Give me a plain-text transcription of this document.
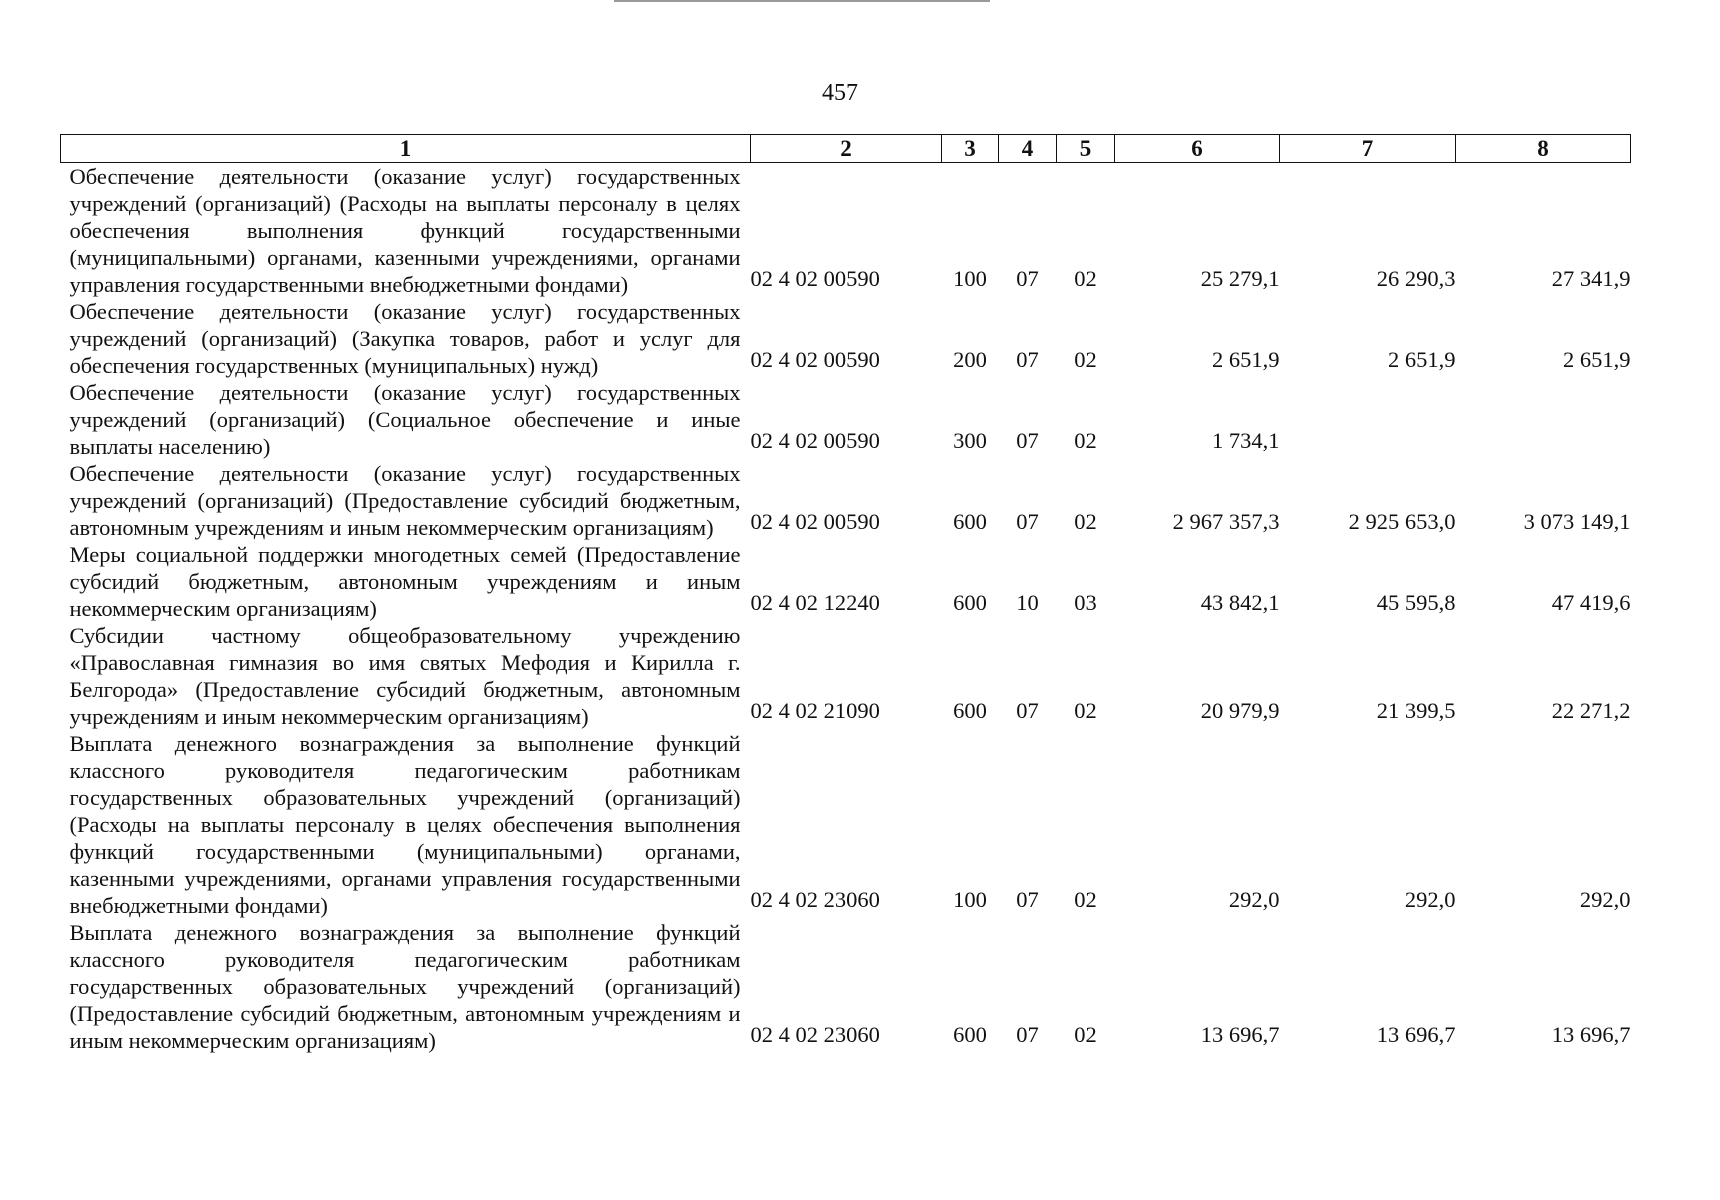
457
1	2	3	4	5	6	7	8
Обеспечение деятельности (оказание услуг) государственных учреждений (организаций) (Расходы на выплаты персоналу в целях обеспечения выполнения функций государственными (муниципальными) органами, казенными учреждениями, органами управления государственными внебюджетными фондами)	02 4 02 00590	100	07	02	25 279,1	26 290,3	27 341,9
Обеспечение деятельности (оказание услуг) государственных учреждений (организаций) (Закупка товаров, работ и услуг для обеспечения государственных (муниципальных) нужд)	02 4 02 00590	200	07	02	2 651,9	2 651,9	2 651,9
Обеспечение деятельности (оказание услуг) государственных учреждений (организаций) (Социальное обеспечение и иные выплаты населению)	02 4 02 00590	300	07	02	1 734,1		
Обеспечение деятельности (оказание услуг) государственных учреждений (организаций) (Предоставление субсидий бюджетным, автономным учреждениям и иным некоммерческим организациям)	02 4 02 00590	600	07	02	2 967 357,3	2 925 653,0	3 073 149,1
Меры социальной поддержки многодетных семей (Предоставление субсидий бюджетным, автономным учреждениям и иным некоммерческим организациям)	02 4 02 12240	600	10	03	43 842,1	45 595,8	47 419,6
Субсидии частному общеобразовательному учреждению «Православная гимназия во имя святых Мефодия и Кирилла г. Белгорода» (Предоставление субсидий бюджетным, автономным учреждениям и иным некоммерческим организациям)	02 4 02 21090	600	07	02	20 979,9	21 399,5	22 271,2
Выплата денежного вознаграждения за выполнение функций классного руководителя педагогическим работникам государственных образовательных учреждений (организаций) (Расходы на выплаты персоналу в целях обеспечения выполнения функций государственными (муниципальными) органами, казенными учреждениями, органами управления государственными внебюджетными фондами)	02 4 02 23060	100	07	02	292,0	292,0	292,0
Выплата денежного вознаграждения за выполнение функций классного руководителя педагогическим работникам государственных образовательных учреждений (организаций) (Предоставление субсидий бюджетным, автономным учреждениям и иным некоммерческим организациям)	02 4 02 23060	600	07	02	13 696,7	13 696,7	13 696,7
